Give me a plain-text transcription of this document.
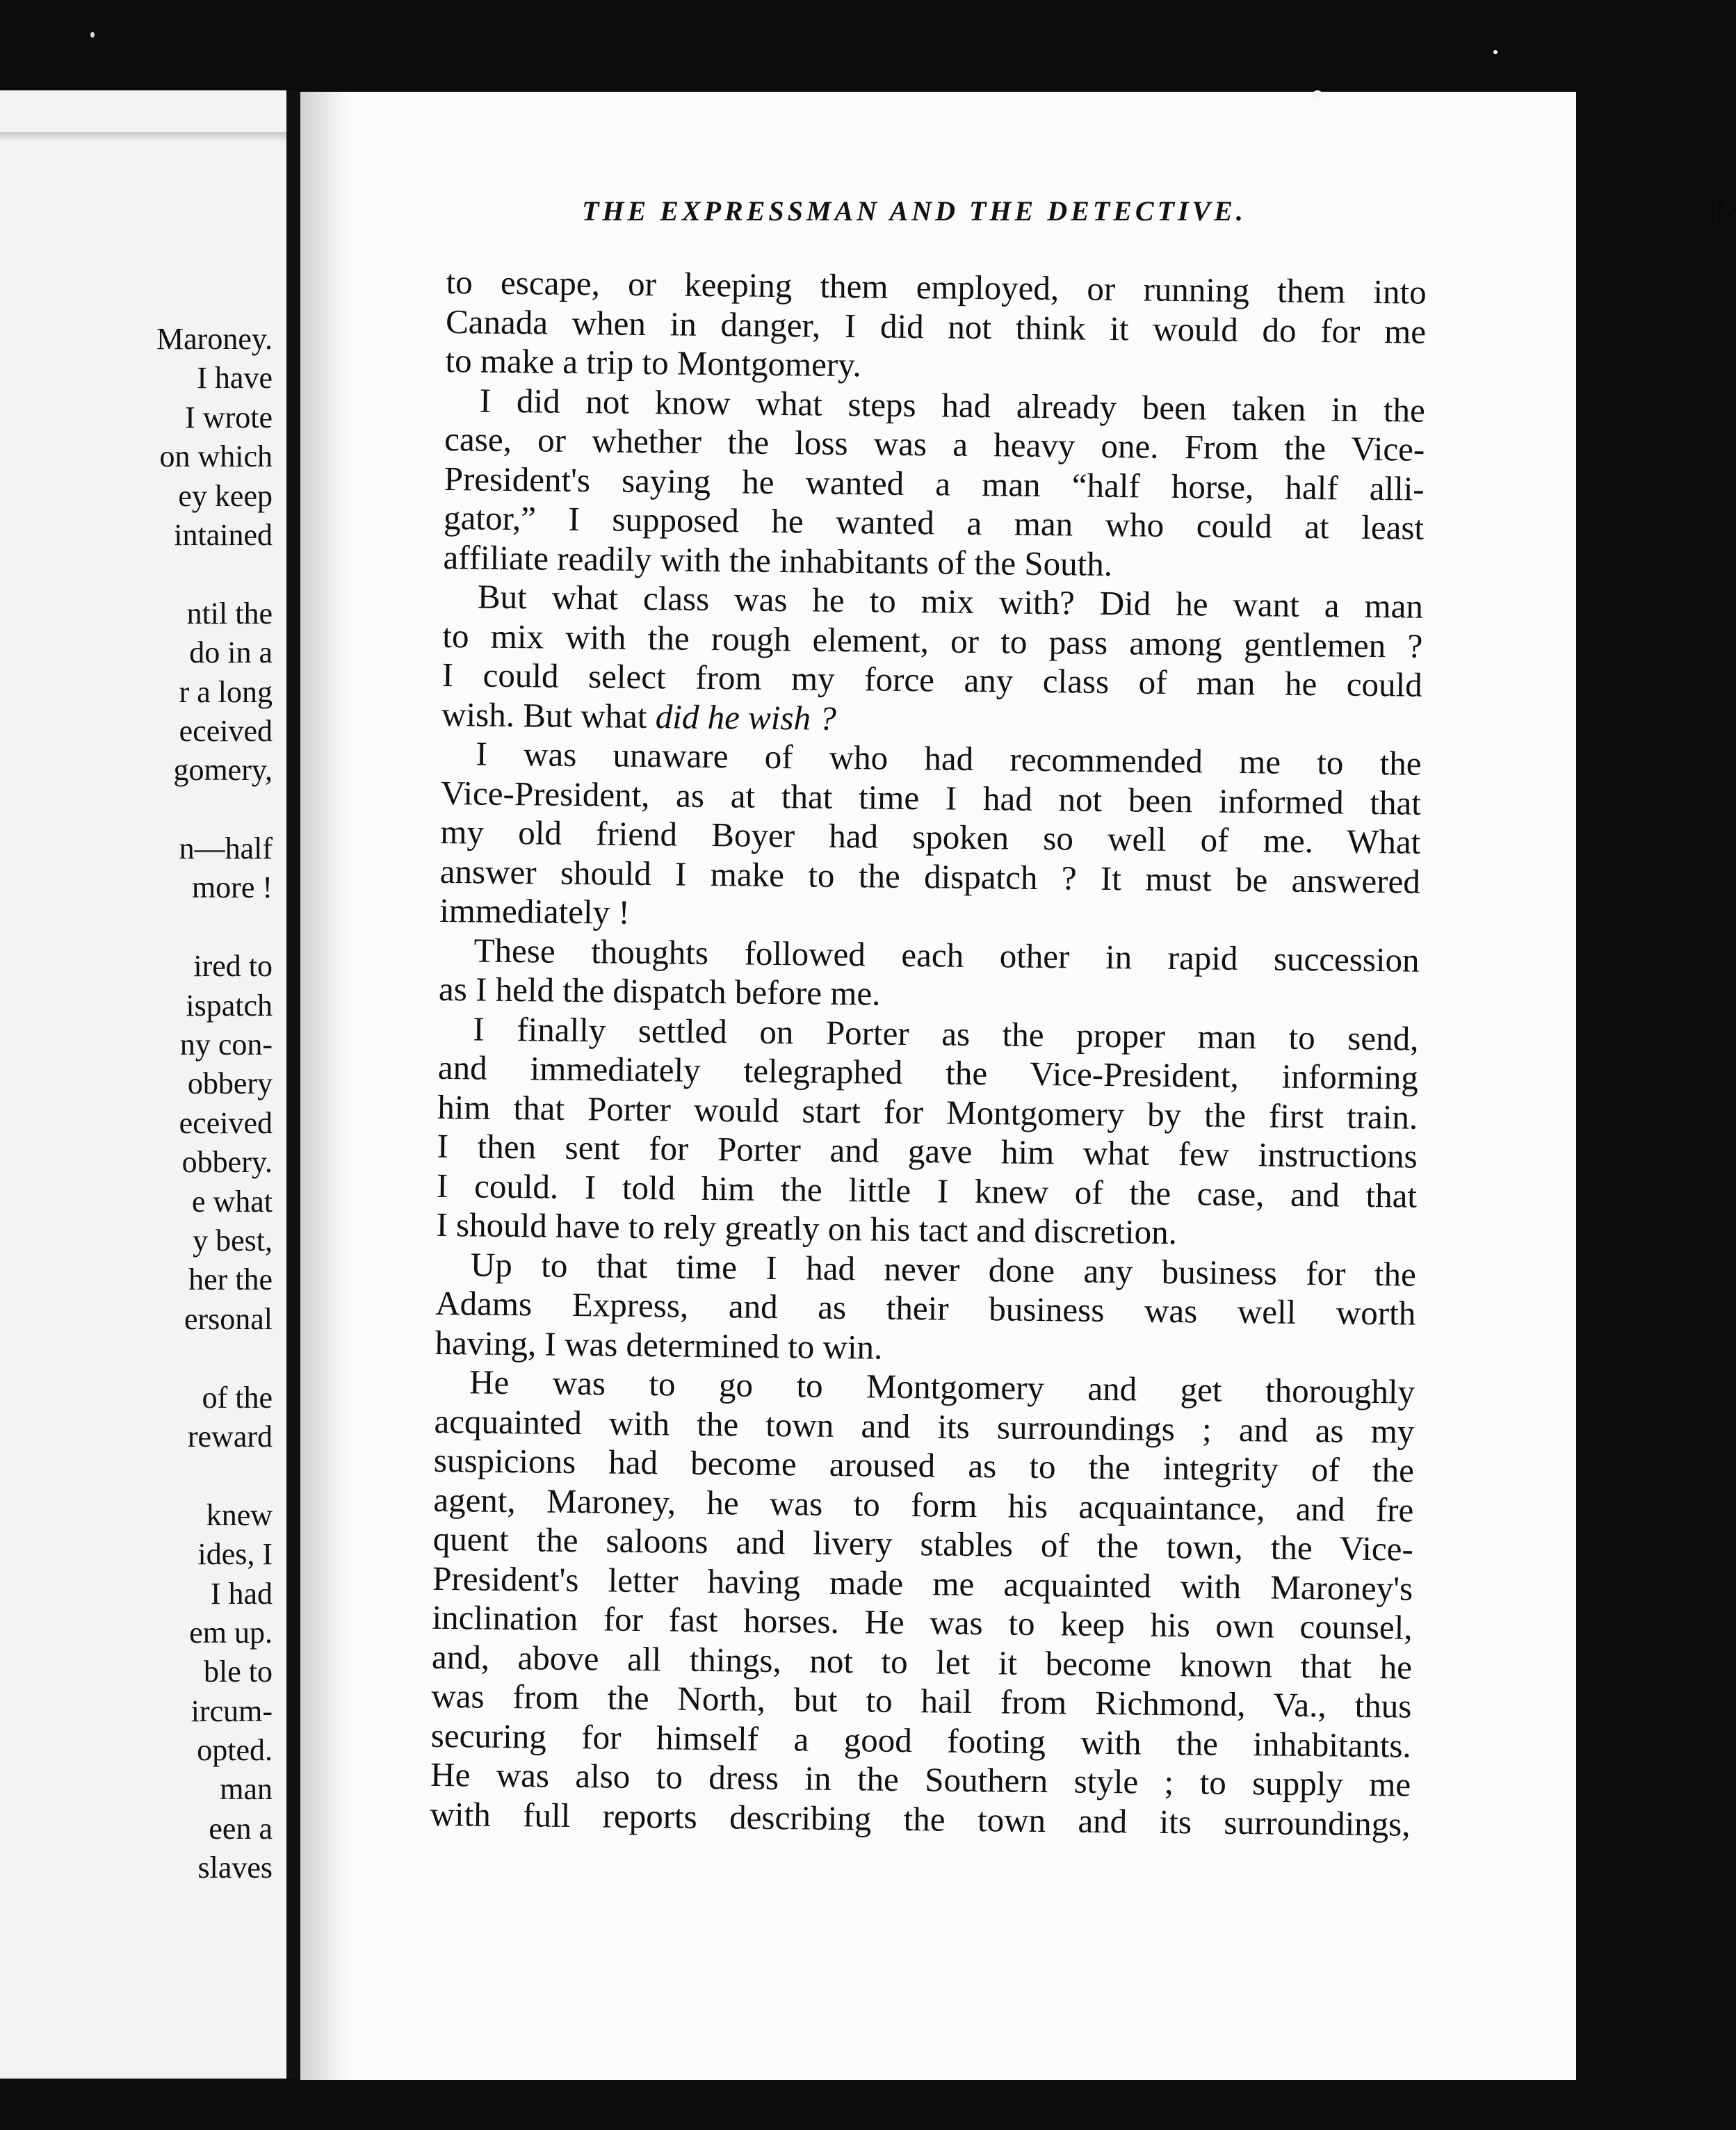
Maroney.
I have
I wrote
on which
ey keep
intained
ntil the
do in a
r a long
eceived
gomery,
n—half
more !
ired to
ispatch
ny con-
obbery
eceived
obbery.
e what
y best,
her the
ersonal
of the
reward
knew
ides, I
I had
em up.
ble to
ircum-
opted.
man
een a
slaves
THE EXPRESSMAN AND THE DETECTIVE.	15
to escape, or keeping them employed, or running them into
Canada when in danger, I did not think it would do for me
to make a trip to Montgomery.
I did not know what steps had already been taken in the
case, or whether the loss was a heavy one. From the Vice-
President's saying he wanted a man “half horse, half alli-
gator,” I supposed he wanted a man who could at least
affiliate readily with the inhabitants of the South.
But what class was he to mix with? Did he want a man
to mix with the rough element, or to pass among gentlemen ?
I could select from my force any class of man he could
wish. But what did he wish ?
I was unaware of who had recommended me to the
Vice-President, as at that time I had not been informed that
my old friend Boyer had spoken so well of me. What
answer should I make to the dispatch ? It must be answered
immediately !
These thoughts followed each other in rapid succession
as I held the dispatch before me.
I finally settled on Porter as the proper man to send,
and immediately telegraphed the Vice-President, informing
him that Porter would start for Montgomery by the first train.
I then sent for Porter and gave him what few instructions
I could. I told him the little I knew of the case, and that
I should have to rely greatly on his tact and discretion.
Up to that time I had never done any business for the
Adams Express, and as their business was well worth
having, I was determined to win.
He was to go to Montgomery and get thoroughly
acquainted with the town and its surroundings ; and as my
suspicions had become aroused as to the integrity of the
agent, Maroney, he was to form his acquaintance, and fre
quent the saloons and livery stables of the town, the Vice-
President's letter having made me acquainted with Maroney's
inclination for fast horses. He was to keep his own counsel,
and, above all things, not to let it become known that he
was from the North, but to hail from Richmond, Va., thus
securing for himself a good footing with the inhabitants.
He was also to dress in the Southern style ; to supply me
with full reports describing the town and its surroundings,
